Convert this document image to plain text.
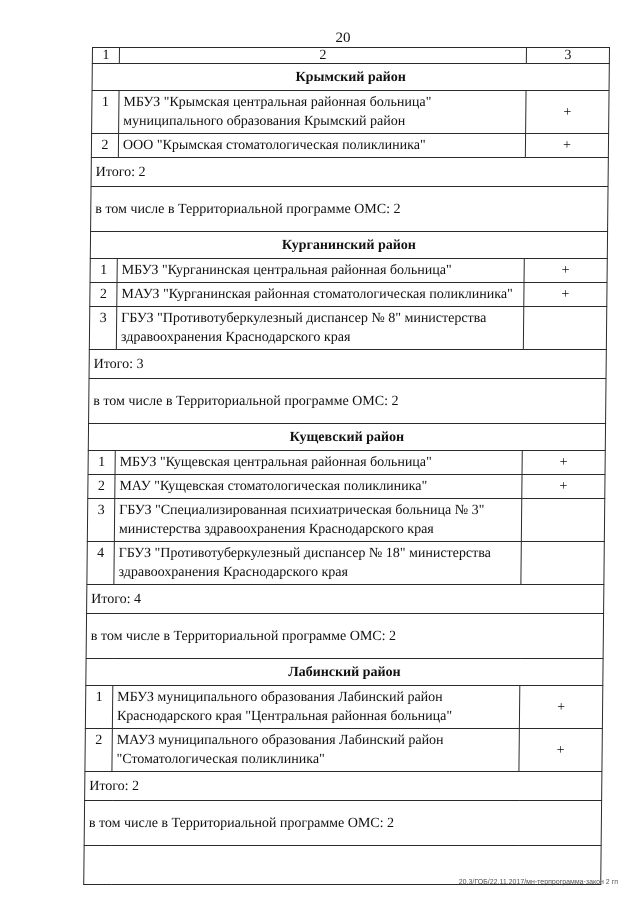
20
1	2	3
Крымский район		
1	МБУЗ "Крымская центральная районная больница" муниципального образования Крымский район	+
2	ООО "Крымская стоматологическая поликлиника"	+
Итого: 2		
в том числе в Территориальной программе ОМС: 2		
Курганинский район		
1	МБУЗ "Курганинская центральная районная больница"	+
2	МАУЗ "Курганинская районная стоматологическая поликлиника"	+
3	ГБУЗ "Противотуберкулезный диспансер № 8" министерства здравоохранения Краснодарского края	
Итого: 3		
в том числе в Территориальной программе ОМС: 2		
Кущевский район		
1	МБУЗ "Кущевская центральная районная больница"	+
2	МАУ "Кущевская стоматологическая поликлиника"	+
3	ГБУЗ "Специализированная психиатрическая больница № 3" министерства здравоохранения Краснодарского края	
4	ГБУЗ "Противотуберкулезный диспансер № 18" министерства здравоохранения Краснодарского края	
Итого: 4		
в том числе в Территориальной программе ОМС: 2		
Лабинский район		
1	МБУЗ муниципального образования Лабинский район Краснодарского края "Центральная районная больница"	+
2	МАУЗ муниципального образования Лабинский район "Стоматологическая поликлиника"	+
Итого: 2		
в том числе в Территориальной программе ОМС: 2		

20.3/ГОБ/22.11.2017/мн-терпрограмма-закон 2 гп
